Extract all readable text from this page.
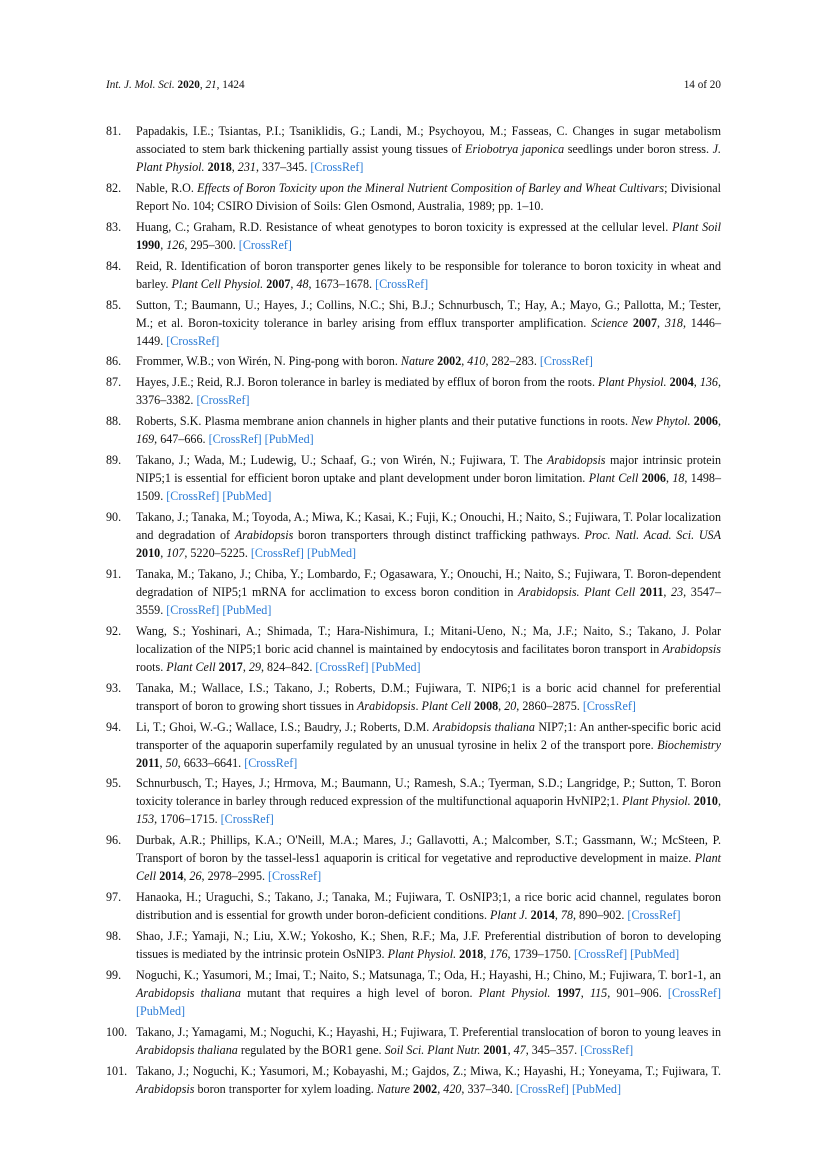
Int. J. Mol. Sci. 2020, 21, 1424	14 of 20
81.	Papadakis, I.E.; Tsiantas, P.I.; Tsaniklidis, G.; Landi, M.; Psychoyou, M.; Fasseas, C. Changes in sugar metabolism associated to stem bark thickening partially assist young tissues of Eriobotrya japonica seedlings under boron stress. J. Plant Physiol. 2018, 231, 337–345. [CrossRef]
82.	Nable, R.O. Effects of Boron Toxicity upon the Mineral Nutrient Composition of Barley and Wheat Cultivars; Divisional Report No. 104; CSIRO Division of Soils: Glen Osmond, Australia, 1989; pp. 1–10.
83.	Huang, C.; Graham, R.D. Resistance of wheat genotypes to boron toxicity is expressed at the cellular level. Plant Soil 1990, 126, 295–300. [CrossRef]
84.	Reid, R. Identification of boron transporter genes likely to be responsible for tolerance to boron toxicity in wheat and barley. Plant Cell Physiol. 2007, 48, 1673–1678. [CrossRef]
85.	Sutton, T.; Baumann, U.; Hayes, J.; Collins, N.C.; Shi, B.J.; Schnurbusch, T.; Hay, A.; Mayo, G.; Pallotta, M.; Tester, M.; et al. Boron-toxicity tolerance in barley arising from efflux transporter amplification. Science 2007, 318, 1446–1449. [CrossRef]
86.	Frommer, W.B.; von Wirén, N. Ping-pong with boron. Nature 2002, 410, 282–283. [CrossRef]
87.	Hayes, J.E.; Reid, R.J. Boron tolerance in barley is mediated by efflux of boron from the roots. Plant Physiol. 2004, 136, 3376–3382. [CrossRef]
88.	Roberts, S.K. Plasma membrane anion channels in higher plants and their putative functions in roots. New Phytol. 2006, 169, 647–666. [CrossRef] [PubMed]
89.	Takano, J.; Wada, M.; Ludewig, U.; Schaaf, G.; von Wirén, N.; Fujiwara, T. The Arabidopsis major intrinsic protein NIP5;1 is essential for efficient boron uptake and plant development under boron limitation. Plant Cell 2006, 18, 1498–1509. [CrossRef] [PubMed]
90.	Takano, J.; Tanaka, M.; Toyoda, A.; Miwa, K.; Kasai, K.; Fuji, K.; Onouchi, H.; Naito, S.; Fujiwara, T. Polar localization and degradation of Arabidopsis boron transporters through distinct trafficking pathways. Proc. Natl. Acad. Sci. USA 2010, 107, 5220–5225. [CrossRef] [PubMed]
91.	Tanaka, M.; Takano, J.; Chiba, Y.; Lombardo, F.; Ogasawara, Y.; Onouchi, H.; Naito, S.; Fujiwara, T. Boron-dependent degradation of NIP5;1 mRNA for acclimation to excess boron condition in Arabidopsis. Plant Cell 2011, 23, 3547–3559. [CrossRef] [PubMed]
92.	Wang, S.; Yoshinari, A.; Shimada, T.; Hara-Nishimura, I.; Mitani-Ueno, N.; Ma, J.F.; Naito, S.; Takano, J. Polar localization of the NIP5;1 boric acid channel is maintained by endocytosis and facilitates boron transport in Arabidopsis roots. Plant Cell 2017, 29, 824–842. [CrossRef] [PubMed]
93.	Tanaka, M.; Wallace, I.S.; Takano, J.; Roberts, D.M.; Fujiwara, T. NIP6;1 is a boric acid channel for preferential transport of boron to growing short tissues in Arabidopsis. Plant Cell 2008, 20, 2860–2875. [CrossRef]
94.	Li, T.; Ghoi, W.-G.; Wallace, I.S.; Baudry, J.; Roberts, D.M. Arabidopsis thaliana NIP7;1: An anther-specific boric acid transporter of the aquaporin superfamily regulated by an unusual tyrosine in helix 2 of the transport pore. Biochemistry 2011, 50, 6633–6641. [CrossRef]
95.	Schnurbusch, T.; Hayes, J.; Hrmova, M.; Baumann, U.; Ramesh, S.A.; Tyerman, S.D.; Langridge, P.; Sutton, T. Boron toxicity tolerance in barley through reduced expression of the multifunctional aquaporin HvNIP2;1. Plant Physiol. 2010, 153, 1706–1715. [CrossRef]
96.	Durbak, A.R.; Phillips, K.A.; O'Neill, M.A.; Mares, J.; Gallavotti, A.; Malcomber, S.T.; Gassmann, W.; McSteen, P. Transport of boron by the tassel-less1 aquaporin is critical for vegetative and reproductive development in maize. Plant Cell 2014, 26, 2978–2995. [CrossRef]
97.	Hanaoka, H.; Uraguchi, S.; Takano, J.; Tanaka, M.; Fujiwara, T. OsNIP3;1, a rice boric acid channel, regulates boron distribution and is essential for growth under boron-deficient conditions. Plant J. 2014, 78, 890–902. [CrossRef]
98.	Shao, J.F.; Yamaji, N.; Liu, X.W.; Yokosho, K.; Shen, R.F.; Ma, J.F. Preferential distribution of boron to developing tissues is mediated by the intrinsic protein OsNIP3. Plant Physiol. 2018, 176, 1739–1750. [CrossRef] [PubMed]
99.	Noguchi, K.; Yasumori, M.; Imai, T.; Naito, S.; Matsunaga, T.; Oda, H.; Hayashi, H.; Chino, M.; Fujiwara, T. bor1-1, an Arabidopsis thaliana mutant that requires a high level of boron. Plant Physiol. 1997, 115, 901–906. [CrossRef] [PubMed]
100. Takano, J.; Yamagami, M.; Noguchi, K.; Hayashi, H.; Fujiwara, T. Preferential translocation of boron to young leaves in Arabidopsis thaliana regulated by the BOR1 gene. Soil Sci. Plant Nutr. 2001, 47, 345–357. [CrossRef]
101. Takano, J.; Noguchi, K.; Yasumori, M.; Kobayashi, M.; Gajdos, Z.; Miwa, K.; Hayashi, H.; Yoneyama, T.; Fujiwara, T. Arabidopsis boron transporter for xylem loading. Nature 2002, 420, 337–340. [CrossRef] [PubMed]
